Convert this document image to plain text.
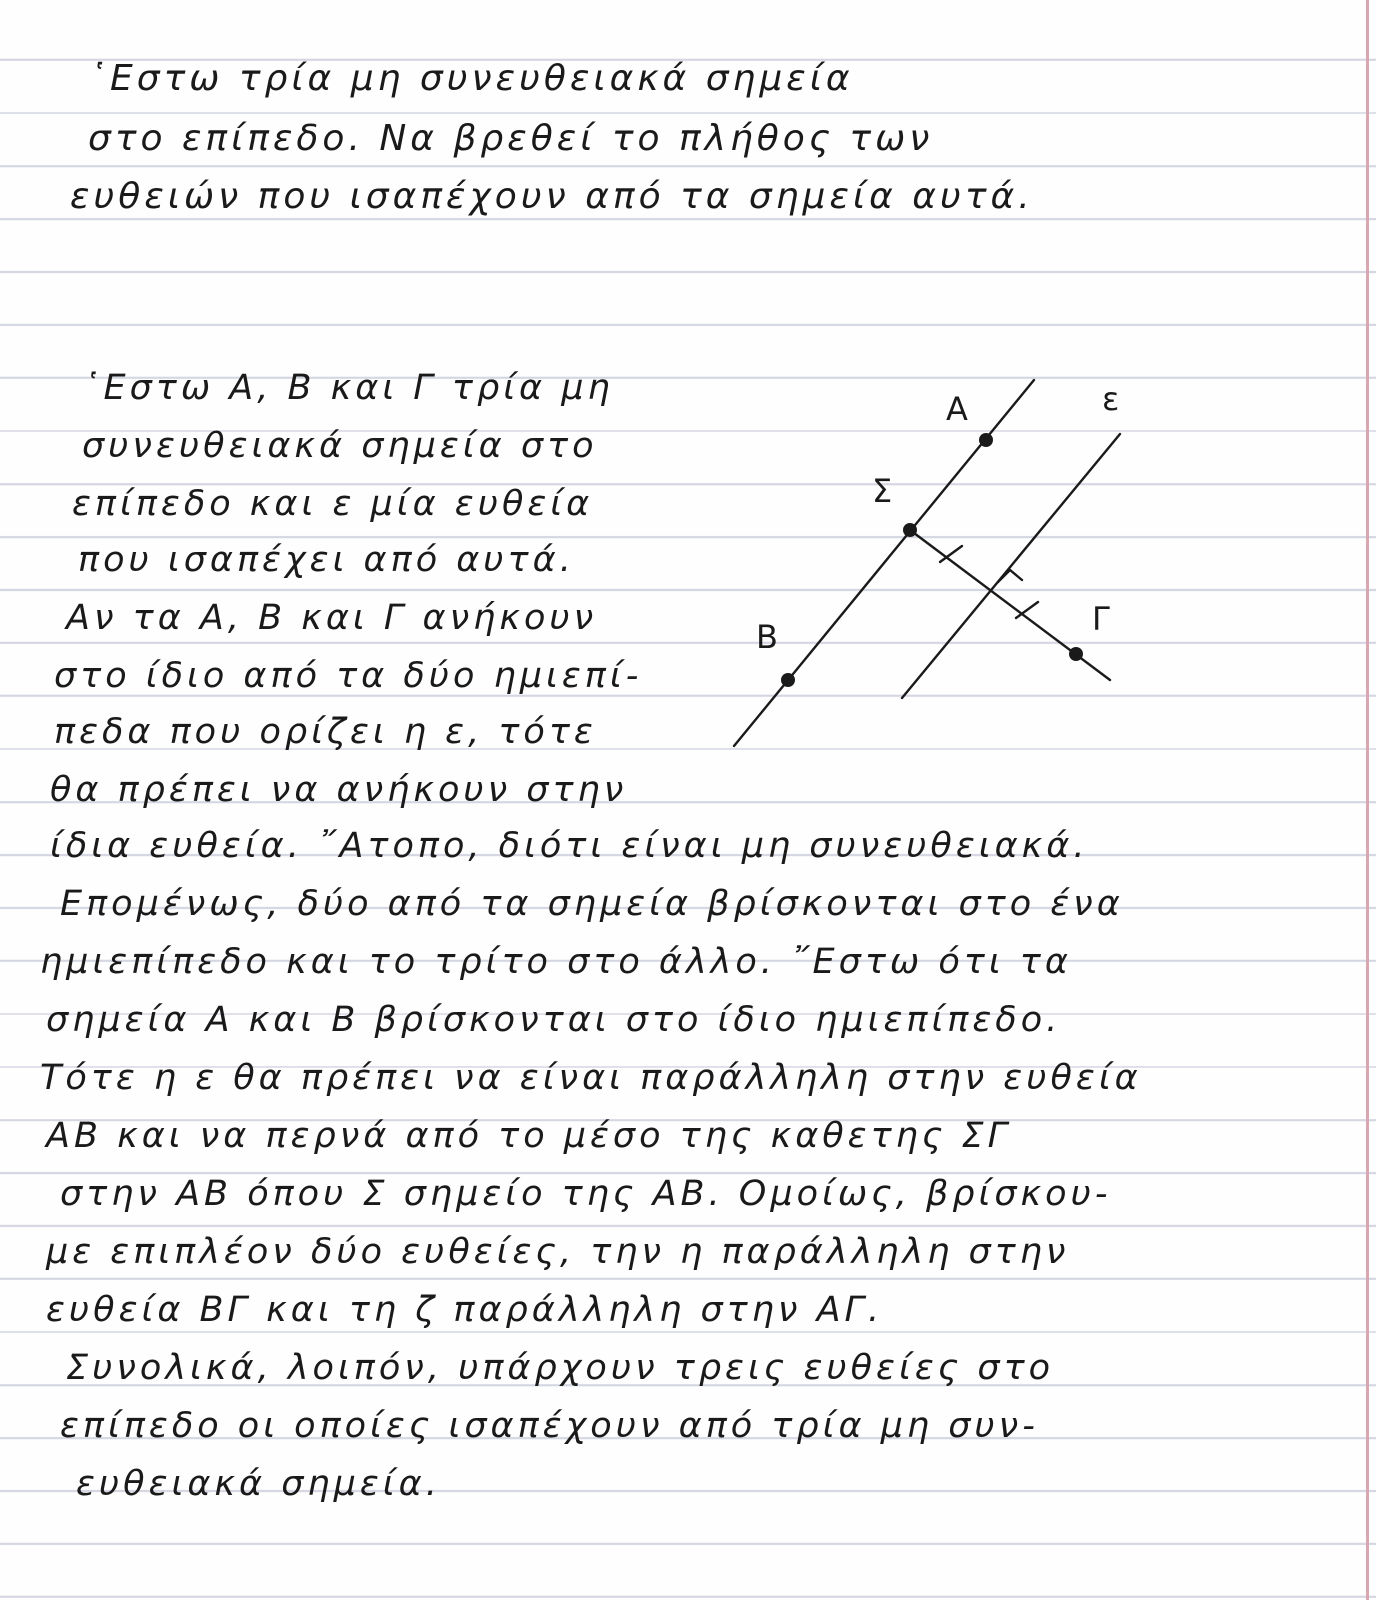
῾Εστω τρία μη συνευθειακά σημεία

στο επίπεδο. Να βρεθεί το πλήθος των

ευθειών που ισαπέχουν από τα σημεία αυτά.

῾Εστω Α, Β και Γ τρία μη

συνευθειακά σημεία στο

επίπεδο και ε μία ευθεία

που ισαπέχει από αυτά.

Αν τα Α, Β και Γ ανήκουν

στο ίδιο από τα δύο ημιεπί-

πεδα που ορίζει η ε, τότε

θα πρέπει να ανήκουν στην

ίδια ευθεία. ῎Ατοπο, διότι είναι μη συνευθειακά.

Επομένως, δύο από τα σημεία βρίσκονται στο ένα

ημιεπίπεδο και το τρίτο στο άλλο. ῎Εστω ότι τα

σημεία Α και Β βρίσκονται στο ίδιο ημιεπίπεδο.

Τότε η ε θα πρέπει να είναι παράλληλη στην ευθεία

ΑΒ και να περνά από το μέσο της καθετης ΣΓ

στην ΑΒ όπου Σ σημείο της ΑΒ. Ομοίως, βρίσκου-

με επιπλέον δύο ευθείες, την η παράλληλη στην

ευθεία ΒΓ και τη ζ παράλληλη στην ΑΓ.

Συνολικά, λοιπόν, υπάρχουν τρεις ευθείες στο

επίπεδο οι οποίες ισαπέχουν από τρία μη συν-

ευθειακά σημεία.

Α	ε
Σ
Β	Γ
